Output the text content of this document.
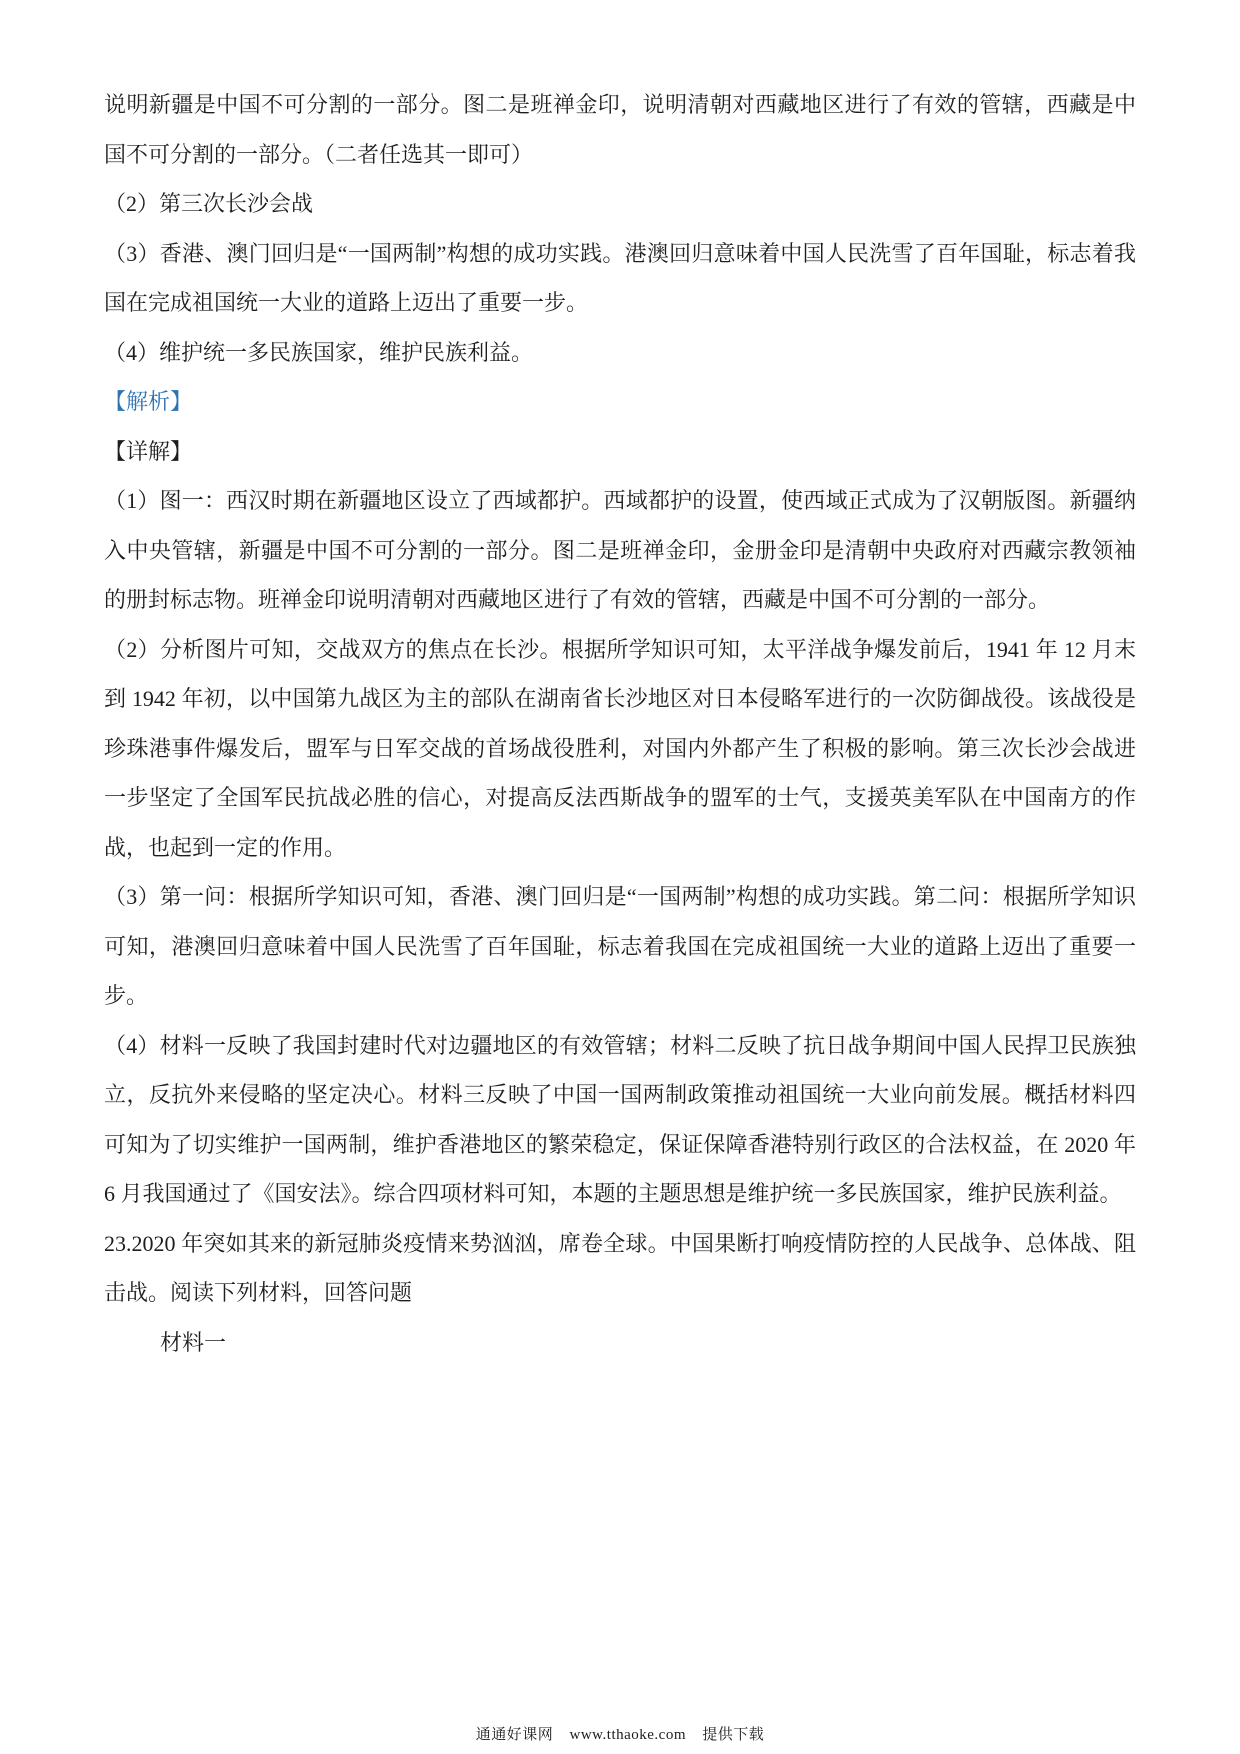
说明新疆是中国不可分割的一部分。图二是班禅金印，说明清朝对西藏地区进行了有效的管辖，西藏是中国不可分割的一部分。（二者任选其一即可）

（2）第三次长沙会战

（3）香港、澳门回归是“一国两制”构想的成功实践。港澳回归意味着中国人民洗雪了百年国耻，标志着我国在完成祖国统一大业的道路上迈出了重要一步。

（4）维护统一多民族国家，维护民族利益。

【解析】

【详解】

（1）图一：西汉时期在新疆地区设立了西域都护。西域都护的设置，使西域正式成为了汉朝版图。新疆纳入中央管辖，新疆是中国不可分割的一部分。图二是班禅金印，金册金印是清朝中央政府对西藏宗教领袖的册封标志物。班禅金印说明清朝对西藏地区进行了有效的管辖，西藏是中国不可分割的一部分。

（2）分析图片可知，交战双方的焦点在长沙。根据所学知识可知，太平洋战争爆发前后，1941 年 12 月末到 1942 年初，以中国第九战区为主的部队在湖南省长沙地区对日本侵略军进行的一次防御战役。该战役是珍珠港事件爆发后，盟军与日军交战的首场战役胜利，对国内外都产生了积极的影响。第三次长沙会战进一步坚定了全国军民抗战必胜的信心，对提高反法西斯战争的盟军的士气，支援英美军队在中国南方的作战，也起到一定的作用。

（3）第一问：根据所学知识可知，香港、澳门回归是“一国两制”构想的成功实践。第二问：根据所学知识可知，港澳回归意味着中国人民洗雪了百年国耻，标志着我国在完成祖国统一大业的道路上迈出了重要一步。

（4）材料一反映了我国封建时代对边疆地区的有效管辖；材料二反映了抗日战争期间中国人民捍卫民族独立，反抗外来侵略的坚定决心。材料三反映了中国一国两制政策推动祖国统一大业向前发展。概括材料四可知为了切实维护一国两制，维护香港地区的繁荣稳定，保证保障香港特别行政区的合法权益，在 2020 年 6 月我国通过了《国安法》。综合四项材料可知，本题的主题思想是维护统一多民族国家，维护民族利益。

23.2020 年突如其来的新冠肺炎疫情来势汹汹，席卷全球。中国果断打响疫情防控的人民战争、总体战、阻击战。阅读下列材料，回答问题

材料一

通通好课网 www.tthaoke.com 提供下载
